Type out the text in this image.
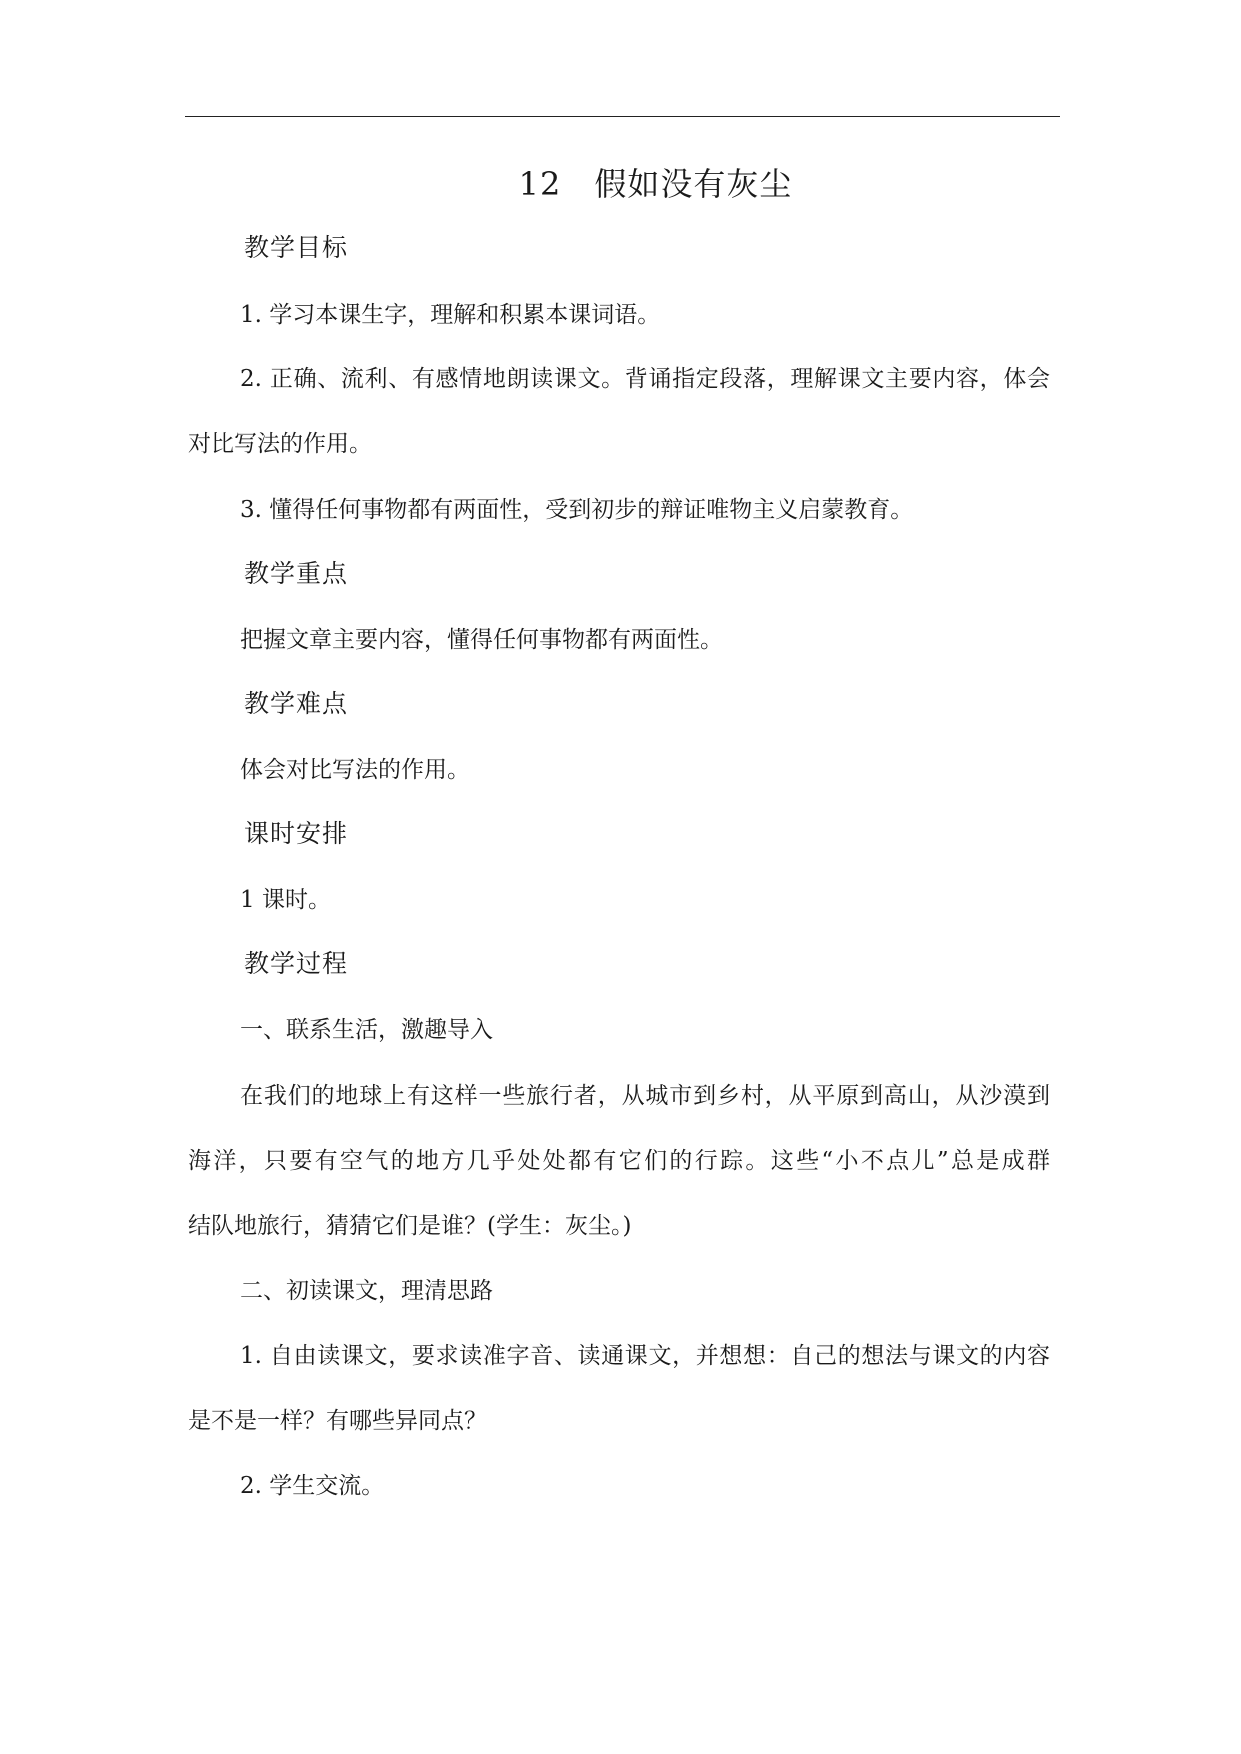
12　假如没有灰尘
教学目标
1. 学习本课生字，理解和积累本课词语。
2. 正确、流利、有感情地朗读课文。背诵指定段落，理解课文主要内容，体会
对比写法的作用。
3. 懂得任何事物都有两面性，受到初步的辩证唯物主义启蒙教育。
教学重点
把握文章主要内容，懂得任何事物都有两面性。
教学难点
体会对比写法的作用。
课时安排
1 课时。
教学过程
一、联系生活，激趣导入
在我们的地球上有这样一些旅行者，从城市到乡村，从平原到高山，从沙漠到
海洋，只要有空气的地方几乎处处都有它们的行踪。这些“小不点儿”总是成群
结队地旅行，猜猜它们是谁？(学生：灰尘。)
二、初读课文，理清思路
1. 自由读课文，要求读准字音、读通课文，并想想：自己的想法与课文的内容
是不是一样？有哪些异同点？
2. 学生交流。
